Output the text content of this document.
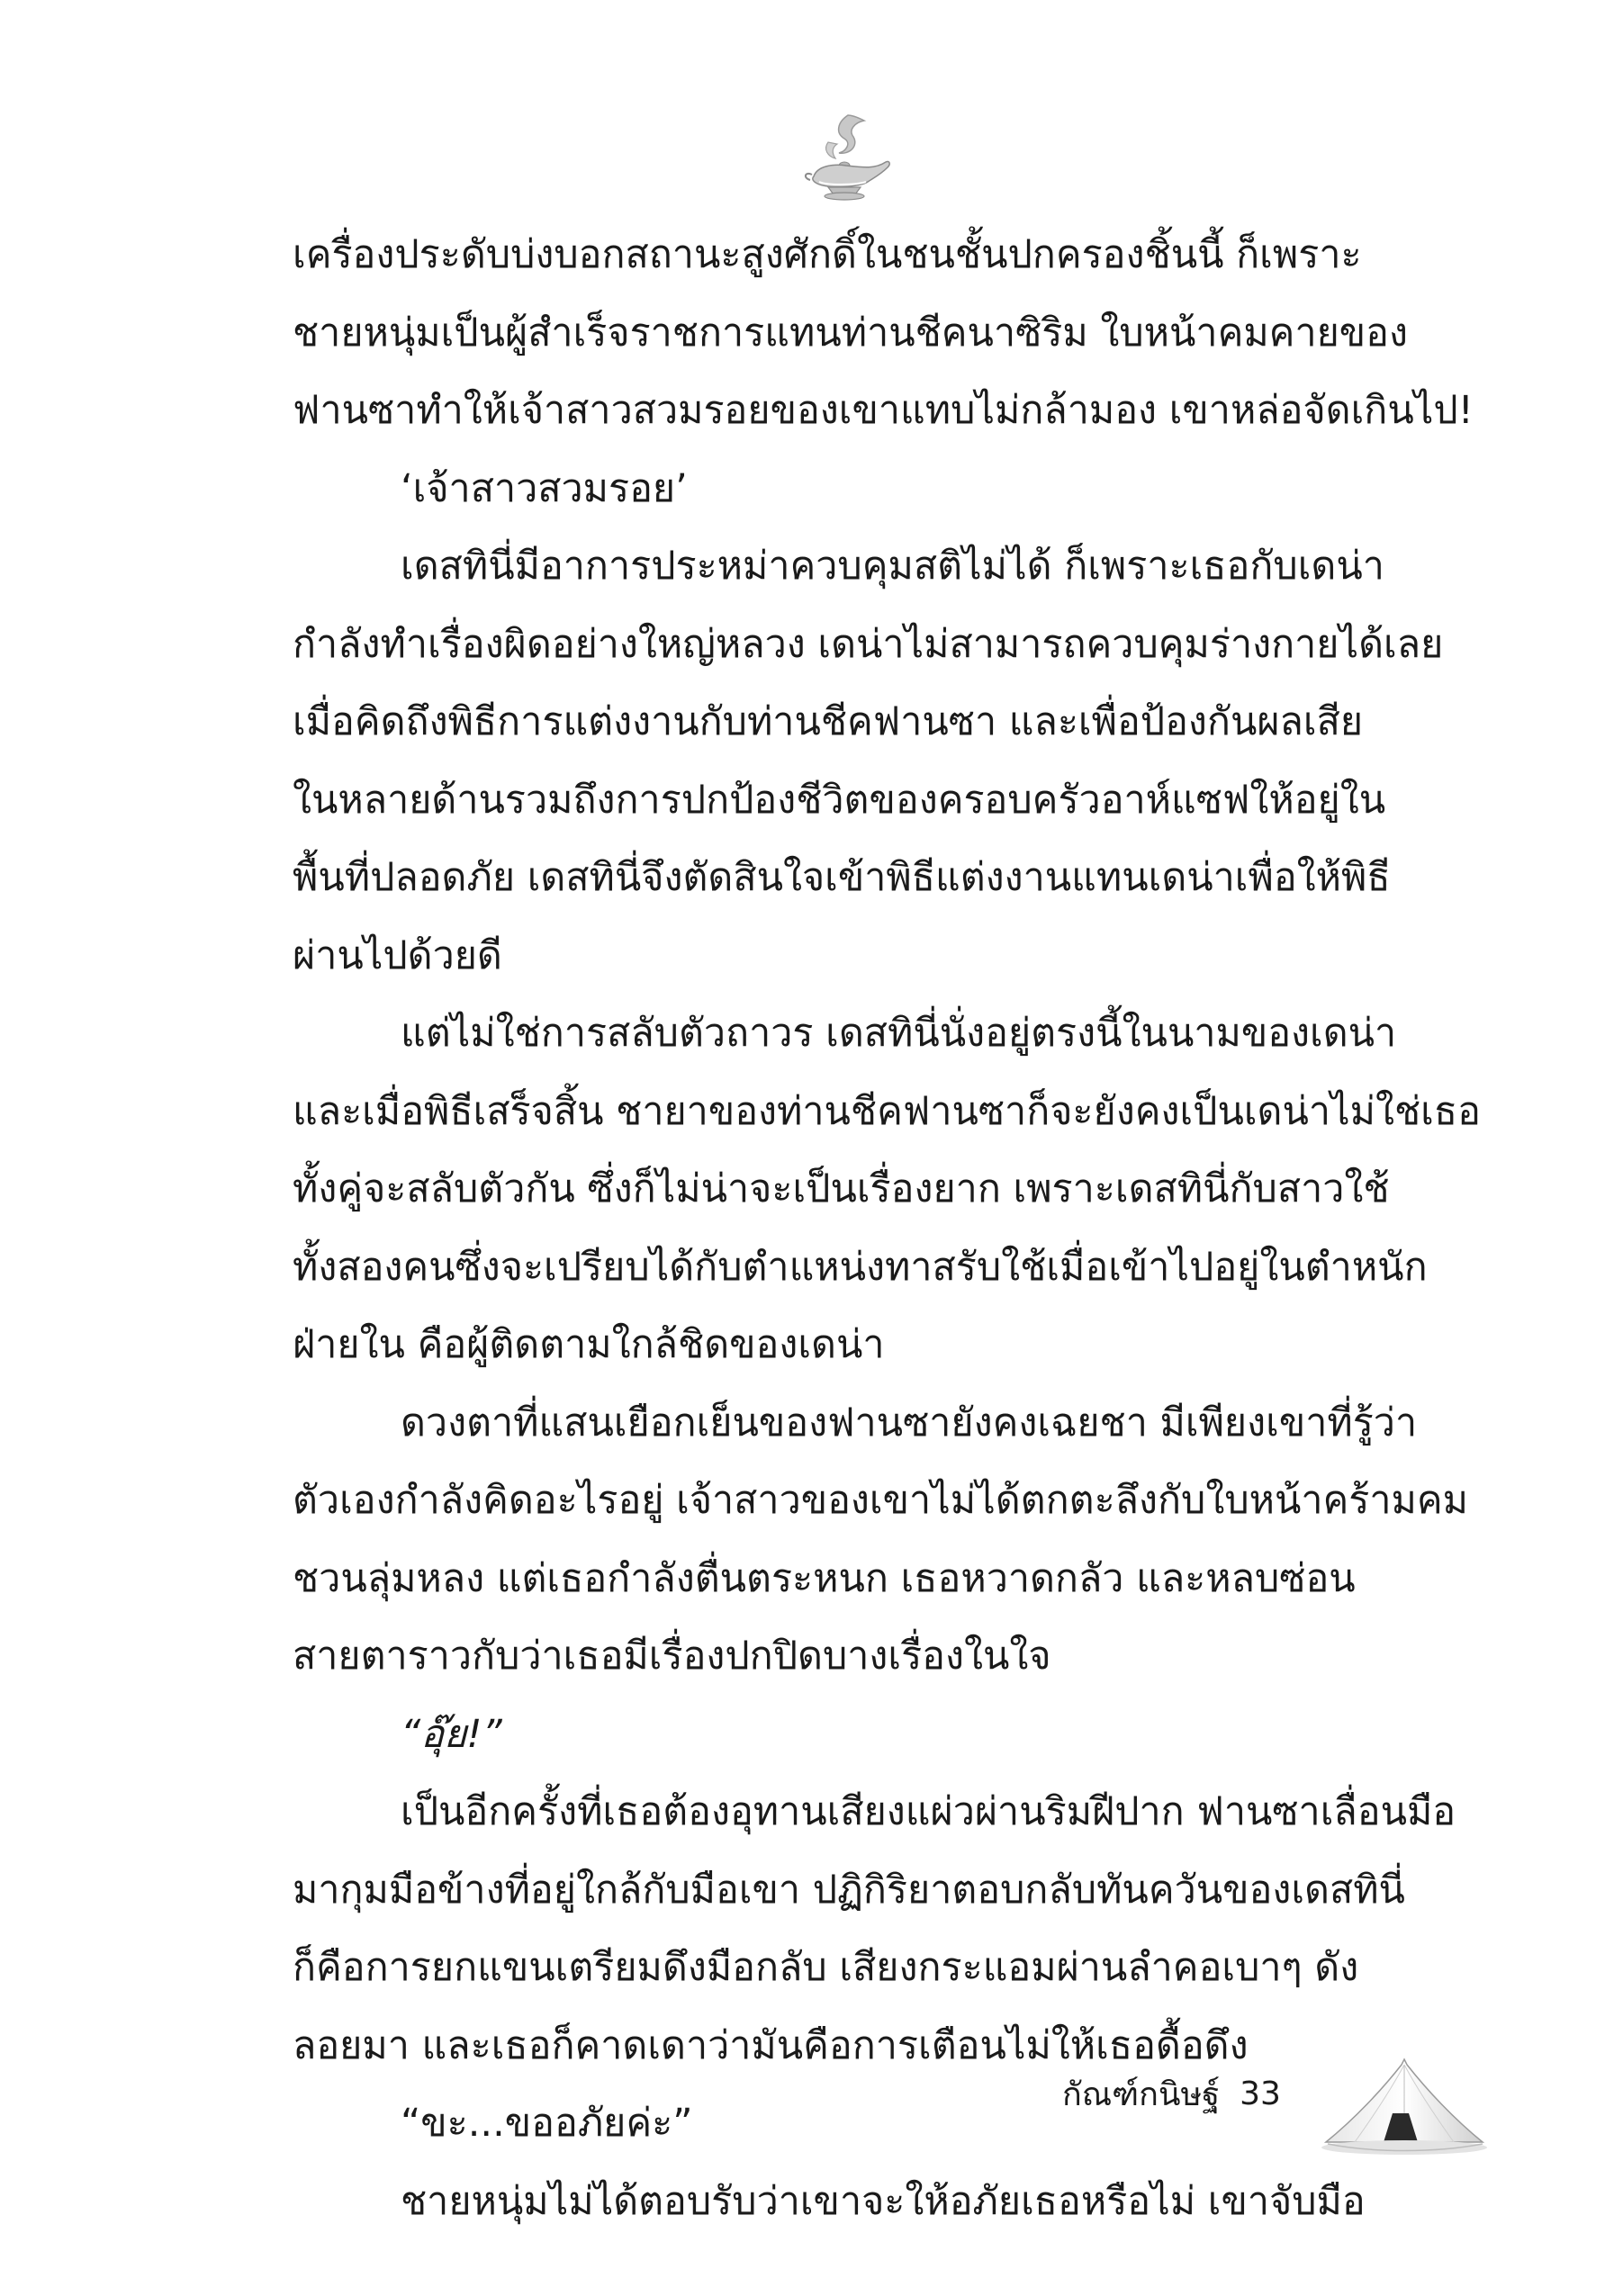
เครื่องประดับบ่งบอกสถานะสูงศักดิ์ในชนชั้นปกครองชิ้นนี้ ก็เพราะ
ชายหนุ่มเป็นผู้สำเร็จราชการแทนท่านชีคนาซิริม ใบหน้าคมคายของ
ฟานซาทำให้เจ้าสาวสวมรอยของเขาแทบไม่กล้ามอง เขาหล่อจัดเกินไป!
‘เจ้าสาวสวมรอย’
เดสทินี่มีอาการประหม่าควบคุมสติไม่ได้ ก็เพราะเธอกับเดน่า
กำลังทำเรื่องผิดอย่างใหญ่หลวง เดน่าไม่สามารถควบคุมร่างกายได้เลย
เมื่อคิดถึงพิธีการแต่งงานกับท่านชีคฟานซา และเพื่อป้องกันผลเสีย
ในหลายด้านรวมถึงการปกป้องชีวิตของครอบครัวอาห์แซฟให้อยู่ใน
พื้นที่ปลอดภัย เดสทินี่จึงตัดสินใจเข้าพิธีแต่งงานแทนเดน่าเพื่อให้พิธี
ผ่านไปด้วยดี
แต่ไม่ใช่การสลับตัวถาวร เดสทินี่นั่งอยู่ตรงนี้ในนามของเดน่า
และเมื่อพิธีเสร็จสิ้น ชายาของท่านชีคฟานซาก็จะยังคงเป็นเดน่าไม่ใช่เธอ
ทั้งคู่จะสลับตัวกัน ซึ่งก็ไม่น่าจะเป็นเรื่องยาก เพราะเดสทินี่กับสาวใช้
ทั้งสองคนซึ่งจะเปรียบได้กับตำแหน่งทาสรับใช้เมื่อเข้าไปอยู่ในตำหนัก
ฝ่ายใน คือผู้ติดตามใกล้ชิดของเดน่า
ดวงตาที่แสนเยือกเย็นของฟานซายังคงเฉยชา มีเพียงเขาที่รู้ว่า
ตัวเองกำลังคิดอะไรอยู่ เจ้าสาวของเขาไม่ได้ตกตะลึงกับใบหน้าคร้ามคม
ชวนลุ่มหลง แต่เธอกำลังตื่นตระหนก เธอหวาดกลัว และหลบซ่อน
สายตาราวกับว่าเธอมีเรื่องปกปิดบางเรื่องในใจ
“อุ๊ย!”
เป็นอีกครั้งที่เธอต้องอุทานเสียงแผ่วผ่านริมฝีปาก ฟานซาเลื่อนมือ
มากุมมือข้างที่อยู่ใกล้กับมือเขา ปฏิกิริยาตอบกลับทันควันของเดสทินี่
ก็คือการยกแขนเตรียมดึงมือกลับ เสียงกระแอมผ่านลำคอเบาๆ ดัง
ลอยมา และเธอก็คาดเดาว่ามันคือการเตือนไม่ให้เธอดื้อดึง
“ขะ...ขออภัยค่ะ”
ชายหนุ่มไม่ได้ตอบรับว่าเขาจะให้อภัยเธอหรือไม่ เขาจับมือ
กัณฑ์กนิษฐ์ 33
